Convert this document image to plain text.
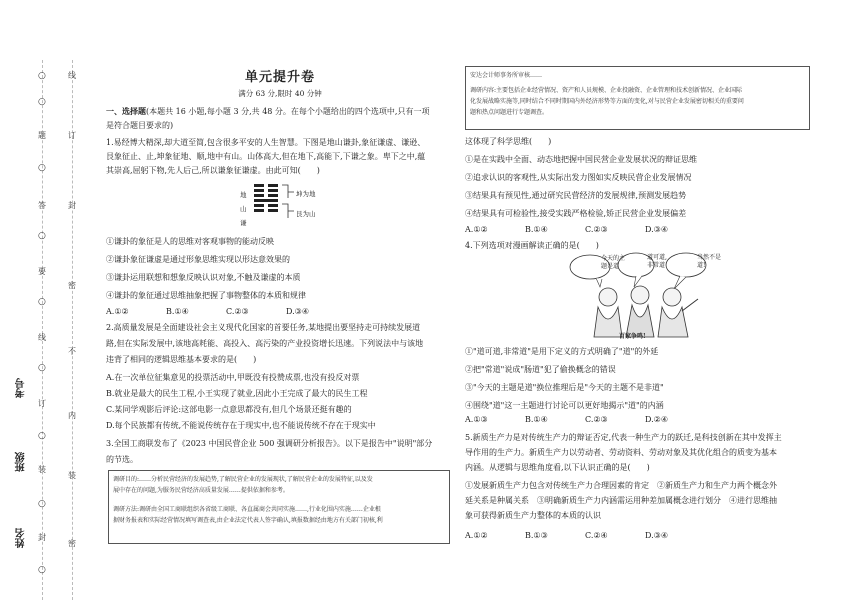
○
○
○
○
○
○
○
○
○
线
订
封
密
不
内
装
密
题
答
要
线
订
装
封
考号
班级
姓名
单元提升卷
满分 63 分,限时 40 分钟
一、选择题(本题共 16 小题,每小题 3 分,共 48 分。在每个小题给出的四个选项中,只有一项
是符合题目要求的)
1.易经博大精深,却大道至简,包含很多平安的人生智慧。下图是地山谦卦,象征谦虚、谦逊、
艮象征止、止,坤象征地、顺,地中有山。山体高大,但在地下,高能下,下谦之象。卑下之中,蕴
其崇高,屈躬下物,先人后己,所以谦象征谦虚。由此可知(　　)
地
山
谦
坤为地
艮为山
①谦卦的象征是人的思维对客观事物的能动反映
②谦卦象征谦虚是通过形象思维实现以形达意效果的
③谦卦运用联想和想象反映认识对象,不触及谦虚的本质
④谦卦的象征通过思维抽象把握了事物整体的本质和规律
A.①②	B.①④	C.②③	D.③④
2.高质量发展是全面建设社会主义现代化国家的首要任务,某地提出要坚持走可持续发展道
路,但在实际发展中,该地高耗能、高投入、高污染的产业投资增长迅速。下列说法中与该地
违背了相同的逻辑思维基本要求的是(　　)
A.在一次单位征集意见的投票活动中,甲既没有投赞成票,也没有投反对票
B.就业是最大的民生工程,小王实现了就业,因此小王完成了最大的民生工程
C.某同学观影后评论:这部电影一点意思都没有,但几个场景还挺有趣的
D.每个民族都有传统,不能说传统存在于现实中,也不能说传统不存在于现实中
3.全国工商联发布了《2023 中国民营企业 500 强调研分析报告》。以下是报告中"说明"部分
的节选。
调研目的:……分析民营经济的发展趋势,了解民营企业的发展现状,了解民营企业的发展特征,以及发
展中存在的问题,为服务民营经济高质量发展……提供依据和参考。
调研方法:调研由全国工商联组织各省级工商联、各直属商会共同实施……,行业化围内实施……企业根
据财务报表和实际经营情况填写调查表,由企业法定代表人签字确认,填报数据经由地方有关部门初核,利
安达会计师事务所审核……
调研内容:主要包括企业经营情况、资产和人员规模、企业投融资、企业管理和技术创新情况、企业国际
化发展战略实施等,同时结合不同时期国内外经济形势等方面的变化,对与民营企业发展密切相关的重要问
题和热点问题进行专题调查。
这体现了科学思维(　　)
①是在实践中全面、动态地把握中国民营企业发展状况的辩证思维
②追求认识的客观性,从实际出发力图如实反映民营企业发展情况
③结果具有预见性,通过研究民营经济的发展规律,预测发展趋势
④结果具有可检验性,接受实践严格检验,矫正民营企业发展偏差
A.①②	B.①④	C.②③	D.③④
4.下列选项对漫画解读正确的是(　　)
今天的主
题是道
道可道,
非常道
当然不是
道!
百家争鸣!
①"道可道,非常道"是用下定义的方式明确了"道"的外延
②把"常道"说成"肠道"犯了偷换概念的错误
③"今天的主题是道"换位推理后是"今天的主题不是非道"
④围绕"道"这一主题进行讨论可以更好地揭示"道"的内涵
A.①③	B.①④	C.②③	D.②④
5.新质生产力是对传统生产力的辩证否定,代表一种生产力的跃迁,是科技创新在其中发挥主
导作用的生产力。新质生产力以劳动者、劳动资料、劳动对象及其优化组合的质变为基本
内涵。从逻辑与思维角度看,以下认识正确的是(　　)
①发展新质生产力包含对传统生产力合理因素的肯定　②新质生产力和生产力两个概念外
延关系是种属关系　③明确新质生产力内涵需运用种差加属概念进行划分　④进行思维抽
象可获得新质生产力整体的本质的认识
A.①②	B.①③	C.②④	D.③④
